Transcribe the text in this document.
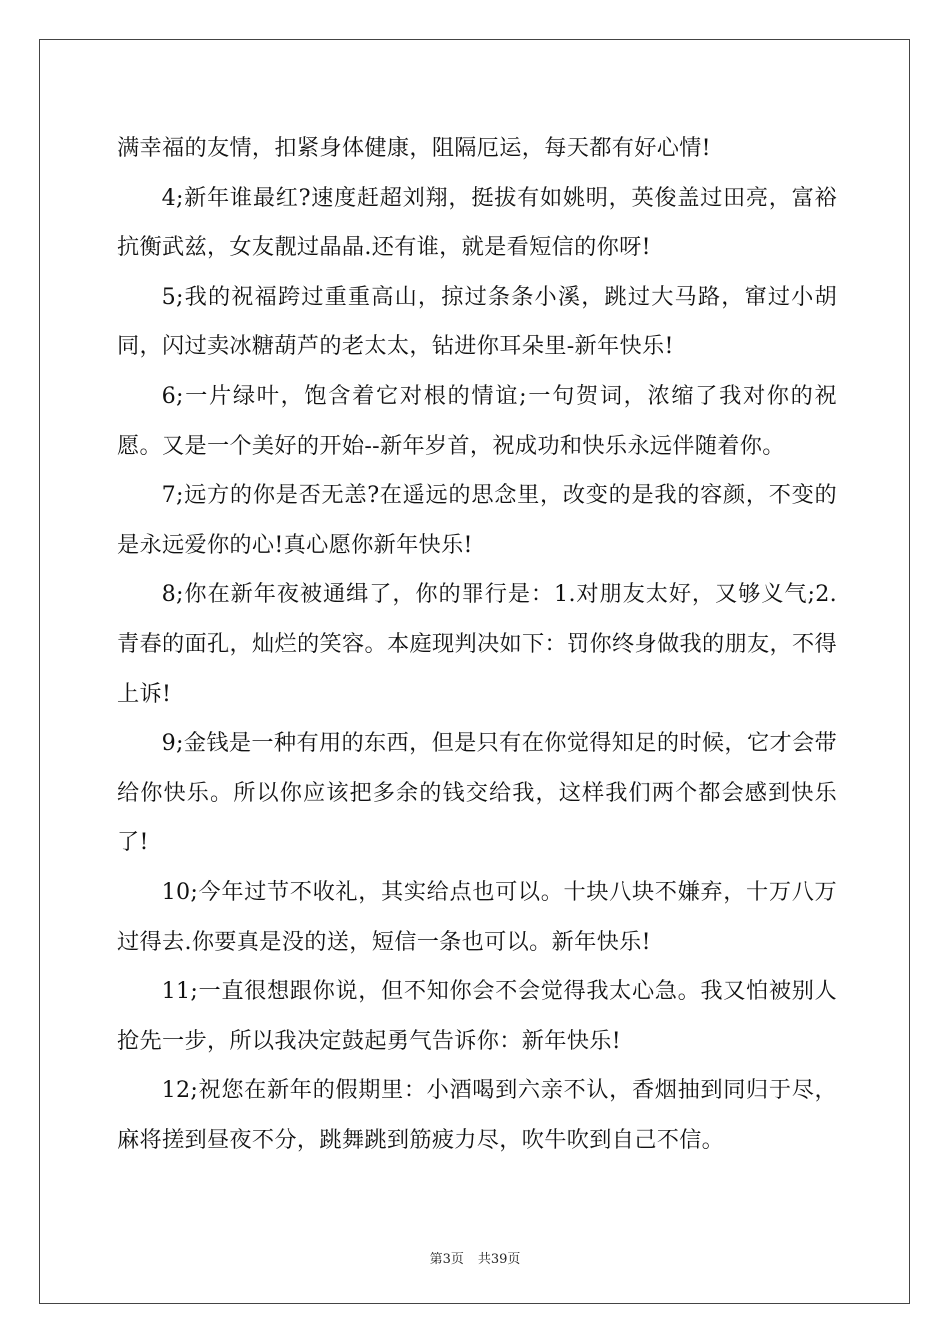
满幸福的友情，扣紧身体健康，阻隔厄运，每天都有好心情!

4;新年谁最红?速度赶超刘翔，挺拔有如姚明，英俊盖过田亮，富裕抗衡武兹，女友靓过晶晶.还有谁，就是看短信的你呀!

5;我的祝福跨过重重高山，掠过条条小溪，跳过大马路，窜过小胡同，闪过卖冰糖葫芦的老太太，钻进你耳朵里-新年快乐!

6;一片绿叶，饱含着它对根的情谊;一句贺词，浓缩了我对你的祝愿。又是一个美好的开始--新年岁首，祝成功和快乐永远伴随着你。

7;远方的你是否无恙?在遥远的思念里，改变的是我的容颜，不变的是永远爱你的心!真心愿你新年快乐!

8;你在新年夜被通缉了，你的罪行是：1.对朋友太好，又够义气;2.青春的面孔，灿烂的笑容。本庭现判决如下：罚你终身做我的朋友，不得上诉!

9;金钱是一种有用的东西，但是只有在你觉得知足的时候，它才会带给你快乐。所以你应该把多余的钱交给我，这样我们两个都会感到快乐了!

10;今年过节不收礼，其实给点也可以。十块八块不嫌弃，十万八万过得去.你要真是没的送，短信一条也可以。新年快乐!

11;一直很想跟你说，但不知你会不会觉得我太心急。我又怕被别人抢先一步，所以我决定鼓起勇气告诉你：新年快乐!

12;祝您在新年的假期里：小酒喝到六亲不认，香烟抽到同归于尽，麻将搓到昼夜不分，跳舞跳到筋疲力尽，吹牛吹到自己不信。

第3页 共39页
